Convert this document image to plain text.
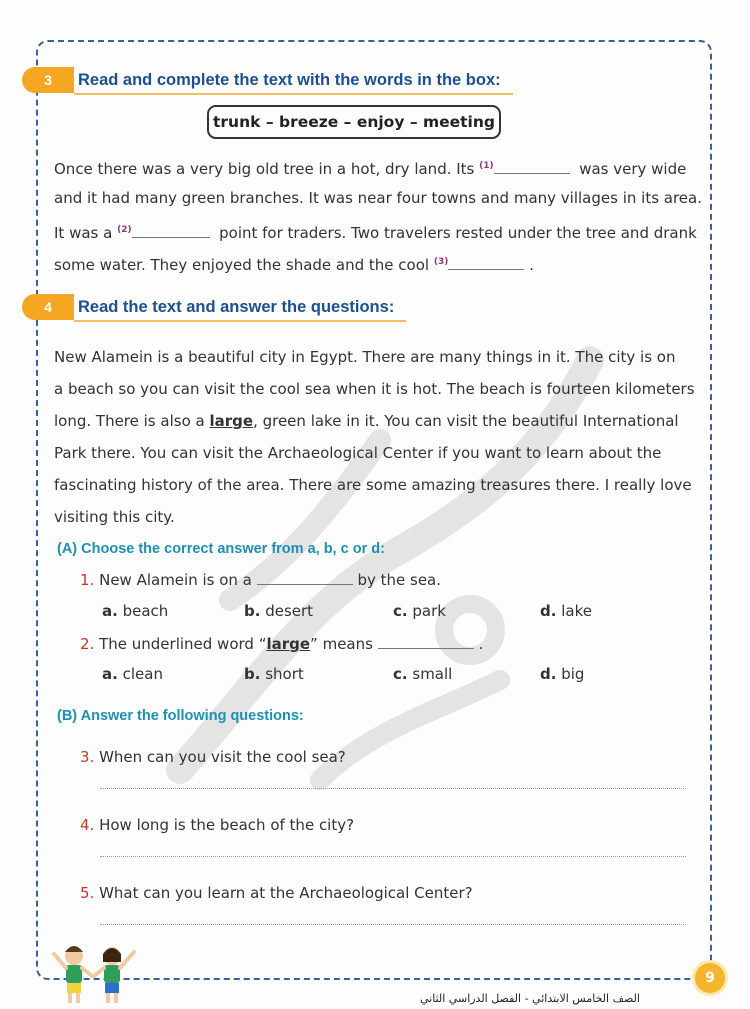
3	Read and complete the text with the words in the box:
trunk – breeze – enjoy – meeting
Once there was a very big old tree in a hot, dry land. Its $^{(1)}$	was very wide
and it had many green branches. It was near four towns and many villages in its area.
It was a $^{(2)}$	point for traders. Two travelers rested under the tree and drank
some water. They enjoyed the shade and the cool $^{(3)}$	.
4	Read the text and answer the questions:
New Alamein is a beautiful city in Egypt. There are many things in it. The city is on
a beach so you can visit the cool sea when it is hot. The beach is fourteen kilometers
long. There is also a large, green lake in it. You can visit the beautiful International
Park there. You can visit the Archaeological Center if you want to learn about the
fascinating history of the area. There are some amazing treasures there. I really love
visiting this city.
(A) Choose the correct answer from a, b, c or d:
1. New Alamein is on a	by the sea.
a. beach	b. desert	c. park	d. lake
2. The underlined word “large” means	.
a. clean	b. short	c. small	d. big
(B) Answer the following questions:
3. When can you visit the cool sea?
4. How long is the beach of the city?
5. What can you learn at the Archaeological Center?
الصف الخامس الابتدائي - الفصل الدراسي الثاني
9
